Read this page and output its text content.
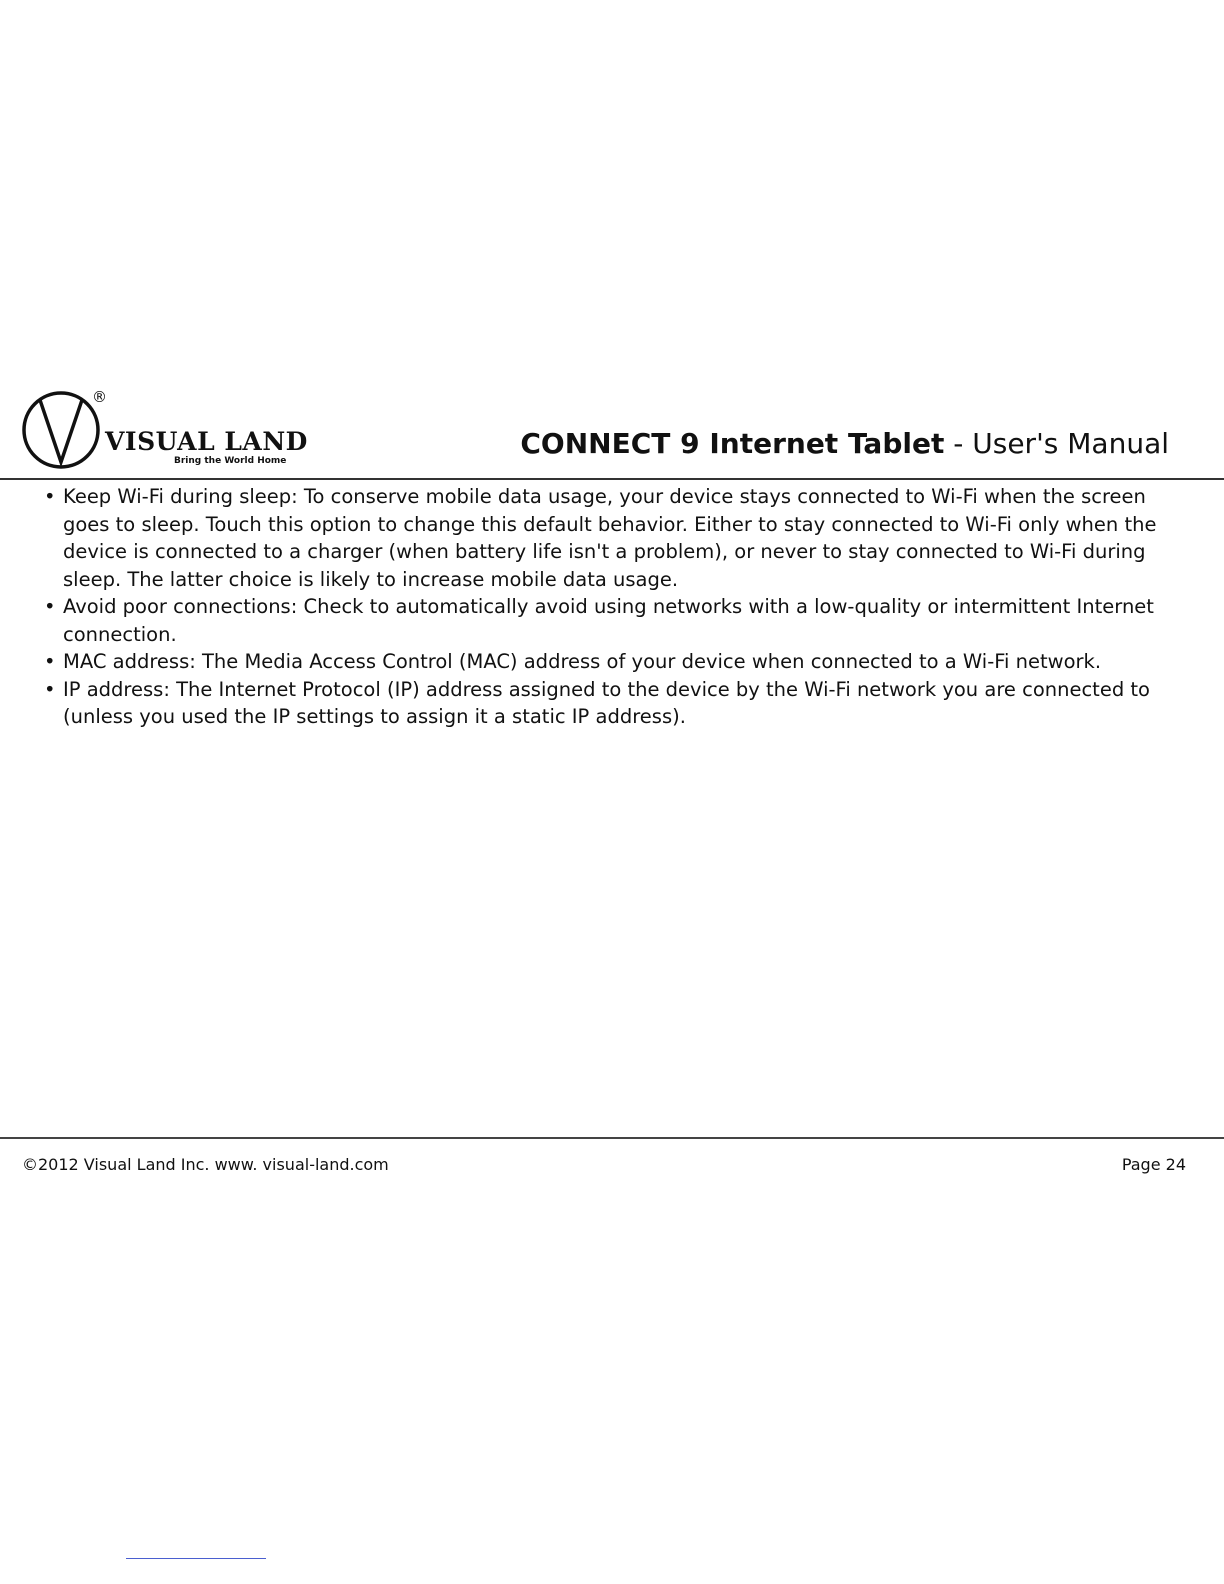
®
VISUAL LAND
Bring the World Home
CONNECT 9 Internet Tablet - User's Manual
• Keep Wi-Fi during sleep: To conserve mobile data usage, your device stays connected to Wi-Fi when the screen goes to sleep. Touch this option to change this default behavior. Either to stay connected to Wi-Fi only when the device is connected to a charger (when battery life isn't a problem), or never to stay connected to Wi-Fi during sleep. The latter choice is likely to increase mobile data usage.
• Avoid poor connections: Check to automatically avoid using networks with a low-quality or intermittent Internet connection.
• MAC address: The Media Access Control (MAC) address of your device when connected to a Wi-Fi network.
• IP address: The Internet Protocol (IP) address assigned to the device by the Wi-Fi network you are connected to (unless you used the IP settings to assign it a static IP address).
©2012 Visual Land Inc. www. visual-land.com	Page 24
